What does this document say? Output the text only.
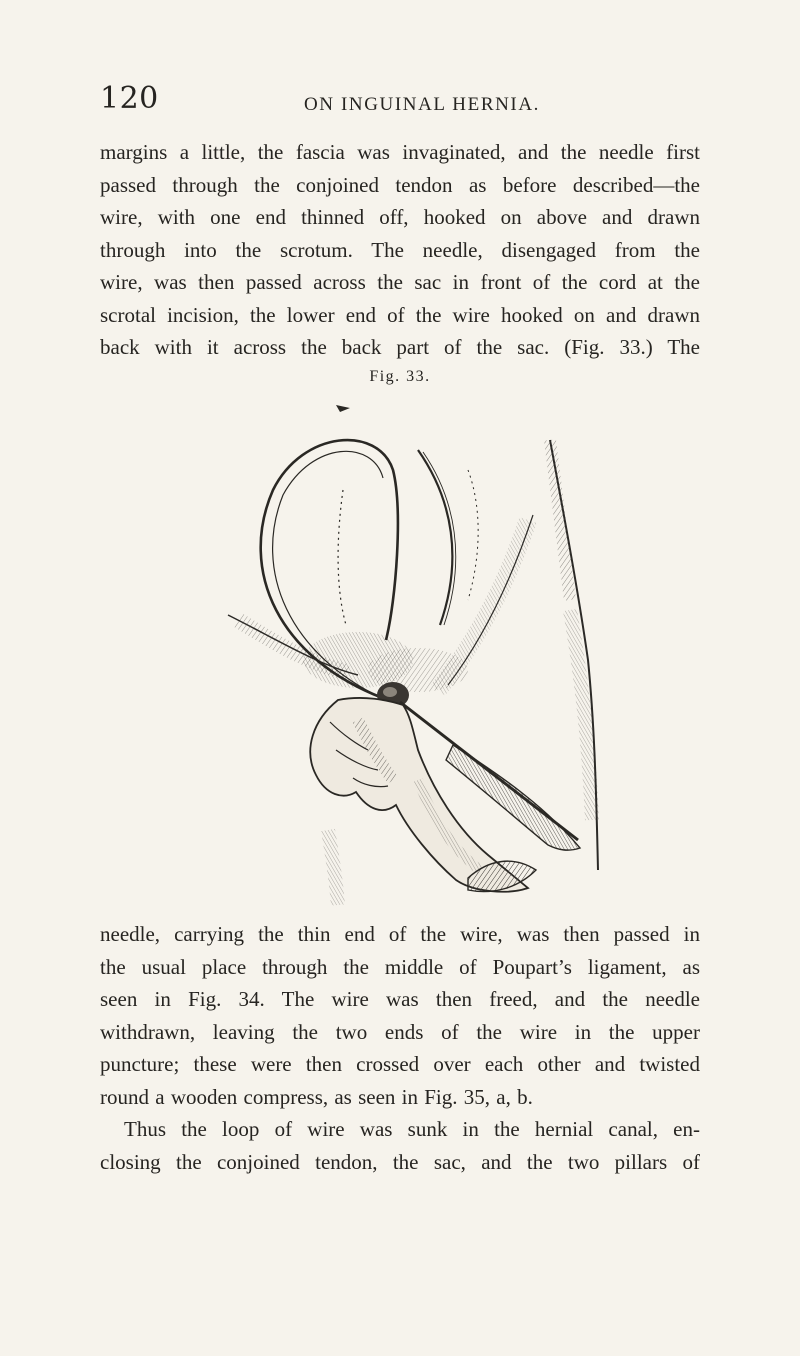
120	ON INGUINAL HERNIA.
margins a little, the fascia was invaginated, and the needle first
passed through the conjoined tendon as before described—the
wire, with one end thinned off, hooked on above and drawn
through into the scrotum. The needle, disengaged from the
wire, was then passed across the sac in front of the cord at the
scrotal incision, the lower end of the wire hooked on and drawn
back with it across the back part of the sac. (Fig. 33.) The
Fig. 33.
needle, carrying the thin end of the wire, was then passed in
the usual place through the middle of Poupart’s ligament, as
seen in Fig. 34. The wire was then freed, and the needle
withdrawn, leaving the two ends of the wire in the upper
puncture; these were then crossed over each other and twisted
round a wooden compress, as seen in Fig. 35, a, b.
Thus the loop of wire was sunk in the hernial canal, en-
closing the conjoined tendon, the sac, and the two pillars of
